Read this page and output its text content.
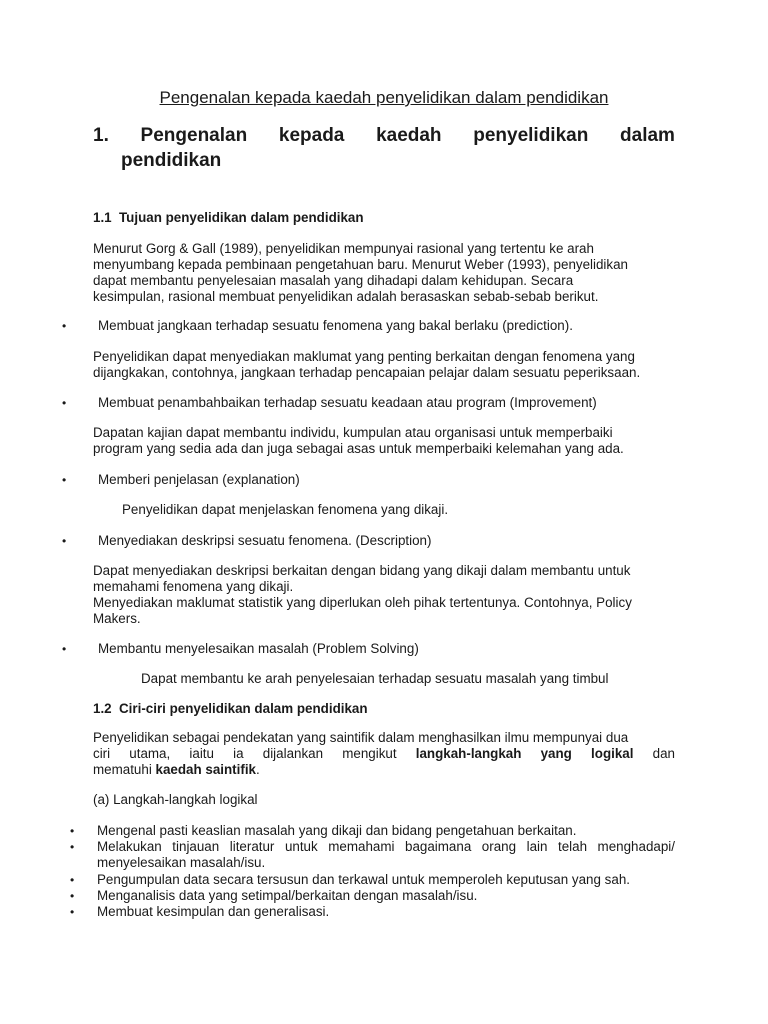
Pengenalan kepada kaedah penyelidikan dalam pendidikan
1. Pengenalan kepada kaedah penyelidikan dalam
pendidikan
1.1 Tujuan penyelidikan dalam pendidikan
Menurut Gorg & Gall (1989), penyelidikan mempunyai rasional yang tertentu ke arah
menyumbang kepada pembinaan pengetahuan baru. Menurut Weber (1993), penyelidikan
dapat membantu penyelesaian masalah yang dihadapi dalam kehidupan. Secara
kesimpulan, rasional membuat penyelidikan adalah berasaskan sebab-sebab berikut.
• Membuat jangkaan terhadap sesuatu fenomena yang bakal berlaku (prediction).
Penyelidikan dapat menyediakan maklumat yang penting berkaitan dengan fenomena yang
dijangkakan, contohnya, jangkaan terhadap pencapaian pelajar dalam sesuatu peperiksaan.
• Membuat penambahbaikan terhadap sesuatu keadaan atau program (Improvement)
Dapatan kajian dapat membantu individu, kumpulan atau organisasi untuk memperbaiki
program yang sedia ada dan juga sebagai asas untuk memperbaiki kelemahan yang ada.
• Memberi penjelasan (explanation)
Penyelidikan dapat menjelaskan fenomena yang dikaji.
• Menyediakan deskripsi sesuatu fenomena. (Description)
Dapat menyediakan deskripsi berkaitan dengan bidang yang dikaji dalam membantu untuk
memahami fenomena yang dikaji.
Menyediakan maklumat statistik yang diperlukan oleh pihak tertentunya. Contohnya, Policy
Makers.
• Membantu menyelesaikan masalah (Problem Solving)
Dapat membantu ke arah penyelesaian terhadap sesuatu masalah yang timbul
1.2 Ciri-ciri penyelidikan dalam pendidikan
Penyelidikan sebagai pendekatan yang saintifik dalam menghasilkan ilmu mempunyai dua
ciri utama, iaitu ia dijalankan mengikut langkah-langkah yang logikal dan
mematuhi kaedah saintifik.
(a) Langkah-langkah logikal
• Mengenal pasti keaslian masalah yang dikaji dan bidang pengetahuan berkaitan.
• Melakukan tinjauan literatur untuk memahami bagaimana orang lain telah menghadapi/
menyelesaikan masalah/isu.
• Pengumpulan data secara tersusun dan terkawal untuk memperoleh keputusan yang sah.
• Menganalisis data yang setimpal/berkaitan dengan masalah/isu.
• Membuat kesimpulan dan generalisasi.
